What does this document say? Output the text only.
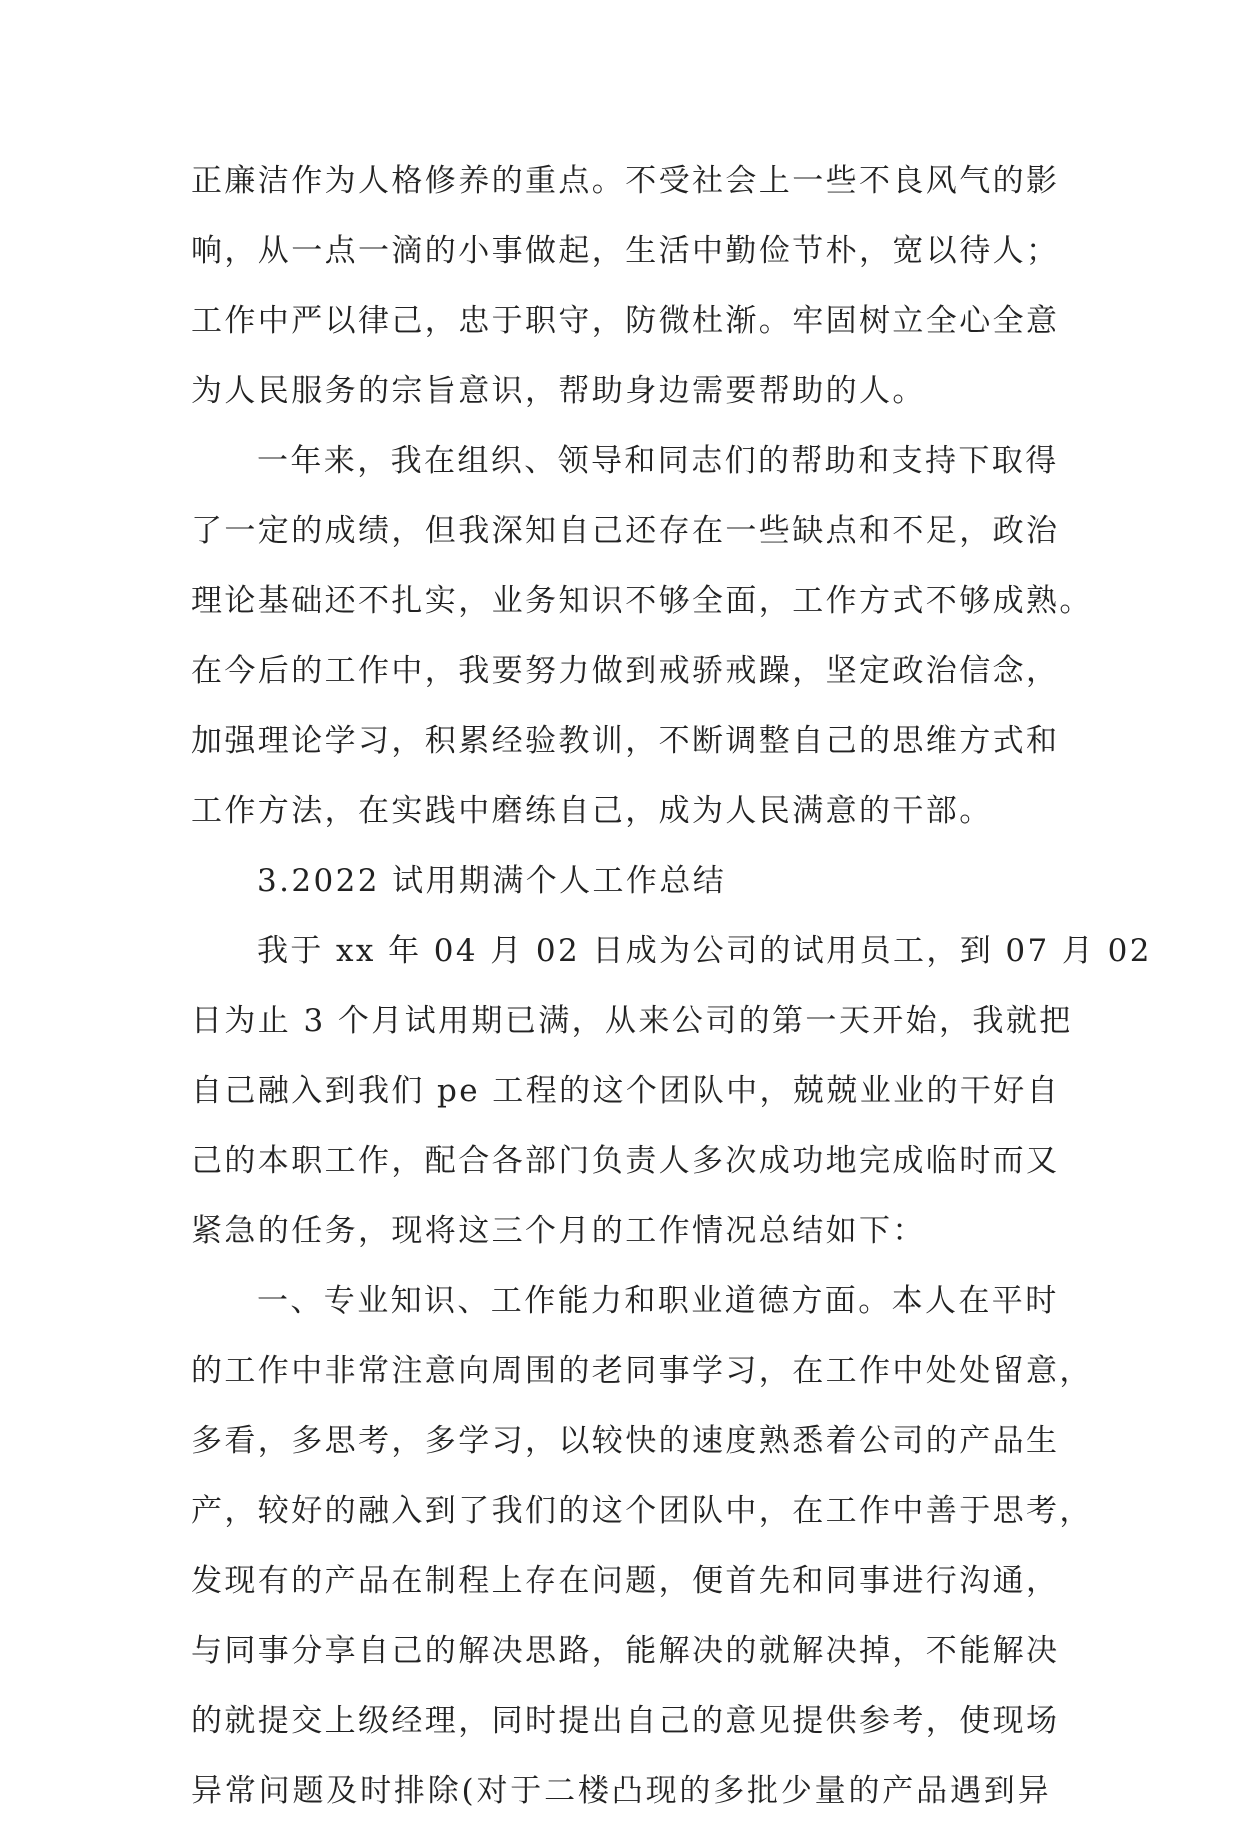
正廉洁作为人格修养的重点。不受社会上一些不良风气的影
响，从一点一滴的小事做起，生活中勤俭节朴，宽以待人；
工作中严以律己，忠于职守，防微杜渐。牢固树立全心全意
为人民服务的宗旨意识，帮助身边需要帮助的人。
一年来，我在组织、领导和同志们的帮助和支持下取得
了一定的成绩，但我深知自己还存在一些缺点和不足，政治
理论基础还不扎实，业务知识不够全面，工作方式不够成熟。
在今后的工作中，我要努力做到戒骄戒躁，坚定政治信念，
加强理论学习，积累经验教训，不断调整自己的思维方式和
工作方法，在实践中磨练自己，成为人民满意的干部。
3.2022 试用期满个人工作总结
我于 xx 年 04 月 02 日成为公司的试用员工，到 07 月 02
日为止 3 个月试用期已满，从来公司的第一天开始，我就把
自己融入到我们 pe 工程的这个团队中，兢兢业业的干好自
己的本职工作，配合各部门负责人多次成功地完成临时而又
紧急的任务，现将这三个月的工作情况总结如下：
一、专业知识、工作能力和职业道德方面。本人在平时
的工作中非常注意向周围的老同事学习，在工作中处处留意，
多看，多思考，多学习，以较快的速度熟悉着公司的产品生
产，较好的融入到了我们的这个团队中，在工作中善于思考，
发现有的产品在制程上存在问题，便首先和同事进行沟通，
与同事分享自己的解决思路，能解决的就解决掉，不能解决
的就提交上级经理，同时提出自己的意见提供参考，使现场
异常问题及时排除(对于二楼凸现的多批少量的产品遇到异
